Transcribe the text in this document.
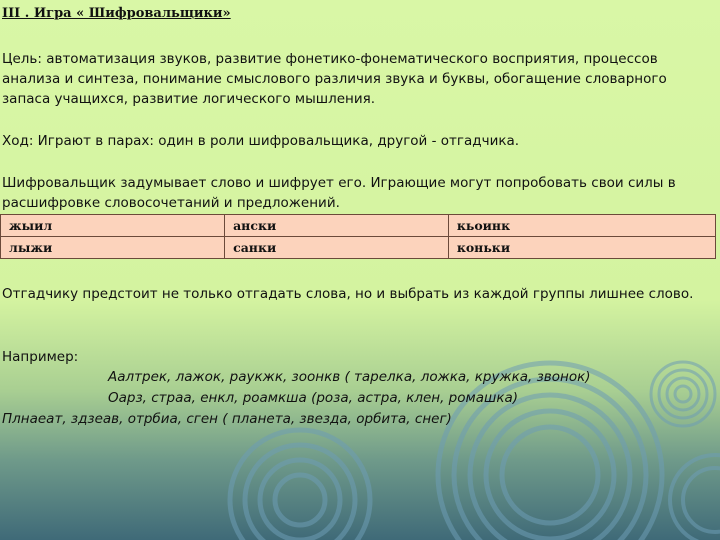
III . Игра « Шифровальщики»

Цель: автоматизация звуков, развитие фонетико-фонематического восприятия, процессов анализа и синтеза, понимание смыслового различия звука и буквы, обогащение словарного запаса учащихся, развитие логического мышления.

Ход: Играют в парах: один в роли шифровальщика, другой - отгадчика.

Шифровальщик задумывает слово и шифрует его. Играющие могут попробовать свои силы в расшифровке словосочетаний и предложений.

жыил	ански	кьоинк
лыжи	санки	коньки

Отгадчику предстоит не только отгадать слова, но и выбрать из каждой группы лишнее слово.

Например:

Аалтрек, лажок, раукжк, зоонкв ( тарелка, ложка, кружка, звонок)

Оарз, страа, енкл, роамкша (роза, астра, клен, ромашка)

Плнаеат, здзеав, отрбиа, сген ( планета, звезда, орбита, снег)
